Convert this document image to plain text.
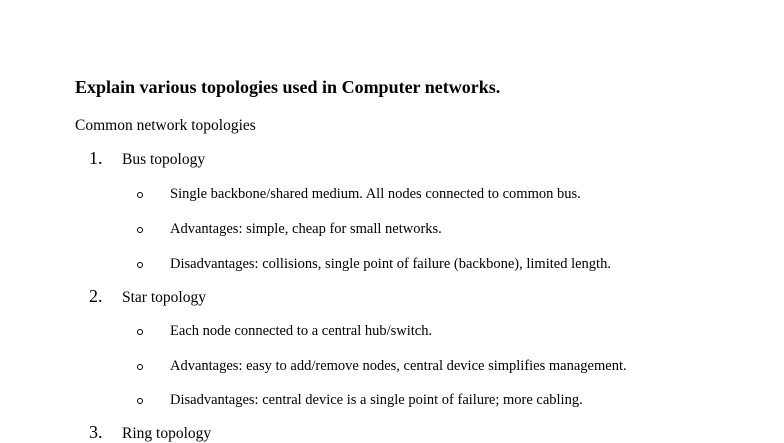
Explain various topologies used in Computer networks.
Common network topologies
1. Bus topology
Single backbone/shared medium. All nodes connected to common bus.
Advantages: simple, cheap for small networks.
Disadvantages: collisions, single point of failure (backbone), limited length.
2. Star topology
Each node connected to a central hub/switch.
Advantages: easy to add/remove nodes, central device simplifies management.
Disadvantages: central device is a single point of failure; more cabling.
3. Ring topology
